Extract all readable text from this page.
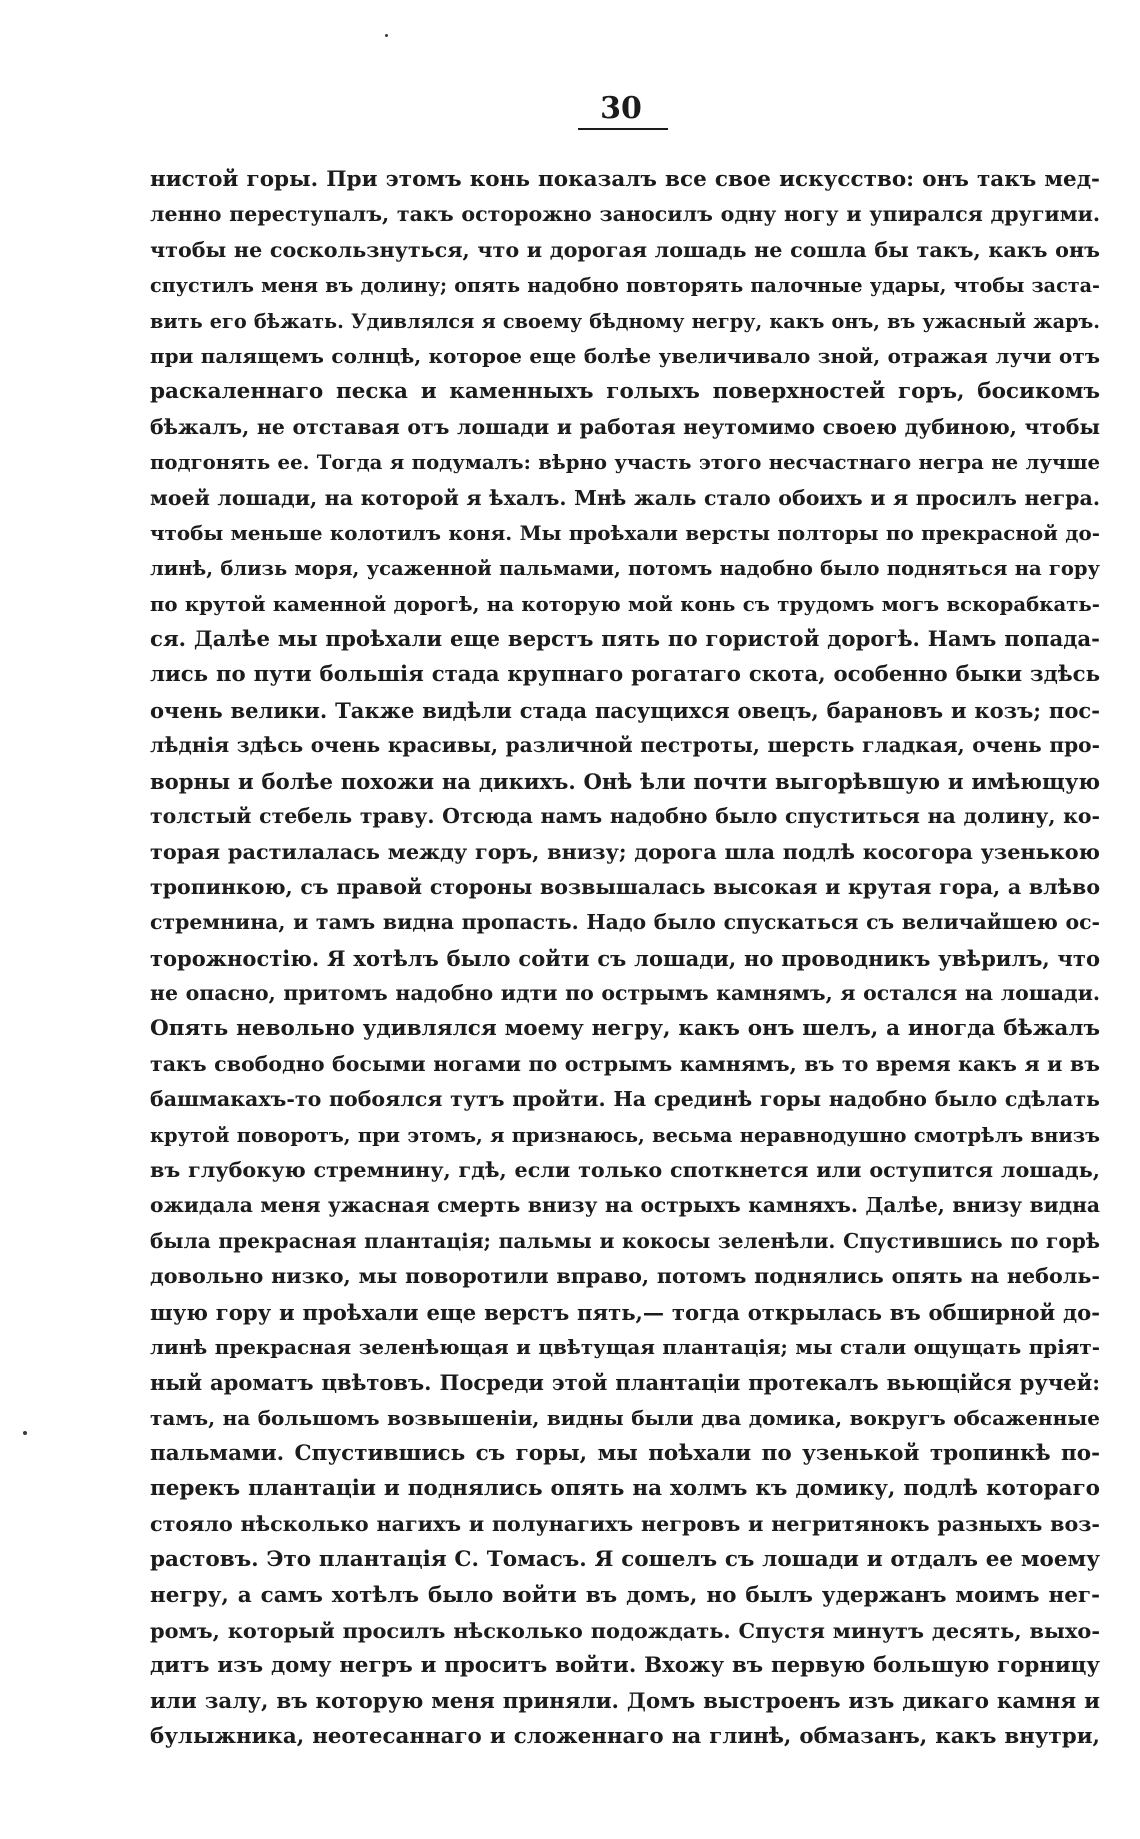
30
нистой горы. При этомъ конь показалъ все свое искусство: онъ такъ мед-
ленно переступалъ, такъ осторожно заносилъ одну ногу и упирался другими.
чтобы не соскользнуться, что и дорогая лошадь не сошла бы такъ, какъ онъ
спустилъ меня въ долину; опять надобно повторять палочные удары, чтобы заста-
вить его бѣжать. Удивлялся я своему бѣдному негру, какъ онъ, въ ужасный жаръ.
при палящемъ солнцѣ, которое еще болѣе увеличивало зной, отражая лучи отъ
раскаленнаго песка и каменныхъ голыхъ поверхностей горъ, босикомъ
бѣжалъ, не отставая отъ лошади и работая неутомимо своею дубиною, чтобы
подгонять ее. Тогда я подумалъ: вѣрно участь этого несчастнаго негра не лучше
моей лошади, на которой я ѣхалъ. Мнѣ жаль стало обоихъ и я просилъ негра.
чтобы меньше колотилъ коня. Мы проѣхали версты полторы по прекрасной до-
линѣ, близь моря, усаженной пальмами, потомъ надобно было подняться на гору
по крутой каменной дорогѣ, на которую мой конь съ трудомъ могъ вскорабкать-
ся. Далѣе мы проѣхали еще верстъ пять по гористой дорогѣ. Намъ попада-
лись по пути большія стада крупнаго рогатаго скота, особенно быки здѣсь
очень велики. Также видѣли стада пасущихся овецъ, барановъ и козъ; пос-
лѣднія здѣсь очень красивы, различной пестроты, шерсть гладкая, очень про-
ворны и болѣе похожи на дикихъ. Онѣ ѣли почти выгорѣвшую и имѣющую
толстый стебель траву. Отсюда намъ надобно было спуститься на долину, ко-
торая растилалась между горъ, внизу; дорога шла подлѣ косогора узенькою
тропинкою, съ правой стороны возвышалась высокая и крутая гора, а влѣво
стремнина, и тамъ видна пропасть. Надо было спускаться съ величайшею ос-
торожностію. Я хотѣлъ было сойти съ лошади, но проводникъ увѣрилъ, что
не опасно, притомъ надобно идти по острымъ камнямъ, я остался на лошади.
Опять невольно удивлялся моему негру, какъ онъ шелъ, а иногда бѣжалъ
такъ свободно босыми ногами по острымъ камнямъ, въ то время какъ я и въ
башмакахъ-то побоялся тутъ пройти. На срединѣ горы надобно было сдѣлать
крутой поворотъ, при этомъ, я признаюсь, весьма неравнодушно смотрѣлъ внизъ
въ глубокую стремнину, гдѣ, если только споткнется или оступится лошадь,
ожидала меня ужасная смерть внизу на острыхъ камняхъ. Далѣе, внизу видна
была прекрасная плантація; пальмы и кокосы зеленѣли. Спустившись по горѣ
довольно низко, мы поворотили вправо, потомъ поднялись опять на неболь-
шую гору и проѣхали еще верстъ пять,— тогда открылась въ обширной до-
линѣ прекрасная зеленѣющая и цвѣтущая плантація; мы стали ощущать пріят-
ный ароматъ цвѣтовъ. Посреди этой плантаціи протекалъ вьющійся ручей:
тамъ, на большомъ возвышеніи, видны были два домика, вокругъ обсаженные
пальмами. Спустившись съ горы, мы поѣхали по узенькой тропинкѣ по-
перекъ плантаціи и поднялись опять на холмъ къ домику, подлѣ котораго
стояло нѣсколько нагихъ и полунагихъ негровъ и негритянокъ разныхъ воз-
растовъ. Это плантація С. Томасъ. Я сошелъ съ лошади и отдалъ ее моему
негру, а самъ хотѣлъ было войти въ домъ, но былъ удержанъ моимъ нег-
ромъ, который просилъ нѣсколько подождать. Спустя минутъ десять, выхо-
дитъ изъ дому негръ и проситъ войти. Вхожу въ первую большую горницу
или залу, въ которую меня приняли. Домъ выстроенъ изъ дикаго камня и
булыжника, неотесаннаго и сложеннаго на глинѣ, обмазанъ, какъ внутри,
